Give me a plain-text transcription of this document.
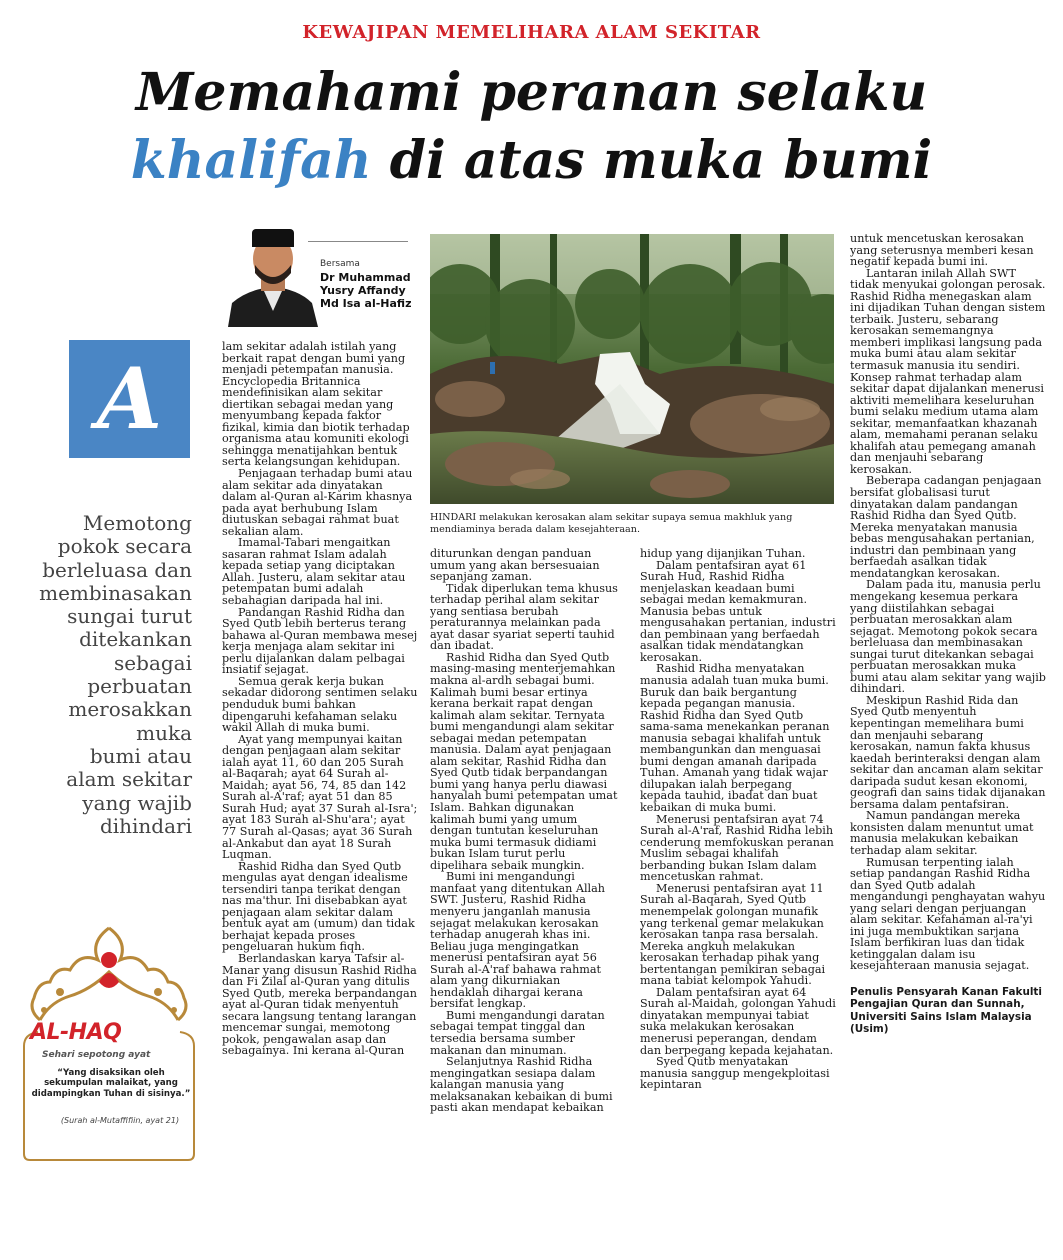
KEWAJIPAN MEMELIHARA ALAM SEKITAR
Memahami peranan selaku
khalifah di atas muka bumi
Bersama
Dr Muhammad
Yusry Affandy
Md Isa al-Hafiz
A
Memotong
pokok secara
berleluasa dan
membinasakan
sungai turut
ditekankan
sebagai
perbuatan
merosakkan
muka
bumi atau
alam sekitar
yang wajib
dihindari
AL-HAQ
Sehari sepotong ayat
“Yang disaksikan oleh sekumpulan malaikat, yang didampingkan Tuhan di sisinya.”
(Surah al-Mutaffifiin, ayat 21)
HINDARI melakukan kerosakan alam sekitar supaya semua makhluk yang mendiaminya berada dalam kesejahteraan.

lam sekitar adalah istilah yang berkait rapat dengan bumi yang menjadi petempatan manusia. Encyclopedia Britannica mendefinisikan alam sekitar diertikan sebagai medan yang menyumbang kepada faktor fizikal, kimia dan biotik terhadap organisma atau komuniti ekologi sehingga menatijahkan bentuk serta kelangsungan kehidupan.

Penjagaan terhadap bumi atau alam sekitar ada dinyatakan dalam al-Quran al-Karim khasnya pada ayat berhubung Islam diutuskan sebagai rahmat buat sekalian alam.

Imamal-Tabari mengaitkan sasaran rahmat Islam adalah kepada setiap yang diciptakan Allah. Justeru, alam sekitar atau petempatan bumi adalah sebahagian daripada hal ini.

Pandangan Rashid Ridha dan Syed Qutb lebih berterus terang bahawa al-Quran membawa mesej kerja menjaga alam sekitar ini perlu dijalankan dalam pelbagai insiatif sejagat.

Semua gerak kerja bukan sekadar didorong sentimen selaku penduduk bumi bahkan dipengaruhi kefahaman selaku wakil Allah di muka bumi.

Ayat yang mempunyai kaitan dengan penjagaan alam sekitar ialah ayat 11, 60 dan 205 Surah al-Baqarah; ayat 64 Surah al-Maidah; ayat 56, 74, 85 dan 142 Surah al-A'raf; ayat 51 dan 85 Surah Hud; ayat 37 Surah al-Isra'; ayat 183 Surah al-Shu'ara'; ayat 77 Surah al-Qasas; ayat 36 Surah al-Ankabut dan ayat 18 Surah Luqman.

Rashid Ridha dan Syed Qutb mengulas ayat dengan idealisme tersendiri tanpa terikat dengan nas ma'thur. Ini disebabkan ayat penjagaan alam sekitar dalam bentuk ayat am (umum) dan tidak berhajat kepada proses pengeluaran hukum fiqh.

Berlandaskan karya Tafsir al-Manar yang disusun Rashid Ridha dan Fi Zilal al-Quran yang ditulis Syed Qutb, mereka berpandangan ayat al-Quran tidak menyentuh secara langsung tentang larangan mencemar sungai, memotong pokok, pengawalan asap dan sebagainya. Ini kerana al-Quran

diturunkan dengan panduan umum yang akan bersesuaian sepanjang zaman.

Tidak diperlukan tema khusus terhadap perihal alam sekitar yang sentiasa berubah peraturannya melainkan pada ayat dasar syariat seperti tauhid dan ibadat.

Rashid Ridha dan Syed Qutb masing-masing menterjemahkan makna al-ardh sebagai bumi. Kalimah bumi besar ertinya kerana berkait rapat dengan kalimah alam sekitar. Ternyata bumi mengandungi alam sekitar sebagai medan petempatan manusia. Dalam ayat penjagaan alam sekitar, Rashid Ridha dan Syed Qutb tidak berpandangan bumi yang hanya perlu diawasi hanyalah bumi petempatan umat Islam. Bahkan digunakan kalimah bumi yang umum dengan tuntutan keseluruhan muka bumi termasuk didiami bukan Islam turut perlu dipelihara sebaik mungkin.

Bumi ini mengandungi manfaat yang ditentukan Allah SWT. Justeru, Rashid Ridha menyeru janganlah manusia sejagat melakukan kerosakan terhadap anugerah khas ini. Beliau juga mengingatkan menerusi pentafsiran ayat 56 Surah al-A'raf bahawa rahmat alam yang dikurniakan hendaklah dihargai kerana bersifat lengkap.

Bumi mengandungi daratan sebagai tempat tinggal dan tersedia bersama sumber makanan dan minuman.

Selanjutnya Rashid Ridha mengingatkan sesiapa dalam kalangan manusia yang melaksanakan kebaikan di bumi pasti akan mendapat kebaikan

hidup yang dijanjikan Tuhan.

Dalam pentafsiran ayat 61 Surah Hud, Rashid Ridha menjelaskan keadaan bumi sebagai medan kemakmuran. Manusia bebas untuk mengusahakan pertanian, industri dan pembinaan yang berfaedah asalkan tidak mendatangkan kerosakan.

Rashid Ridha menyatakan manusia adalah tuan muka bumi. Buruk dan baik bergantung kepada pegangan manusia. Rashid Ridha dan Syed Qutb sama-sama menekankan peranan manusia sebagai khalifah untuk membangunkan dan menguasai bumi dengan amanah daripada Tuhan. Amanah yang tidak wajar dilupakan ialah berpegang kepada tauhid, ibadat dan buat kebaikan di muka bumi.

Menerusi pentafsiran ayat 74 Surah al-A'raf, Rashid Ridha lebih cenderung memfokuskan peranan Muslim sebagai khalifah berbanding bukan Islam dalam mencetuskan rahmat.

Menerusi pentafsiran ayat 11 Surah al-Baqarah, Syed Qutb menempelak golongan munafik yang terkenal gemar melakukan kerosakan tanpa rasa bersalah. Mereka angkuh melakukan kerosakan terhadap pihak yang bertentangan pemikiran sebagai mana tabiat kelompok Yahudi.

Dalam pentafsiran ayat 64 Surah al-Maidah, golongan Yahudi dinyatakan mempunyai tabiat suka melakukan kerosakan menerusi peperangan, dendam dan berpegang kepada kejahatan.

Syed Qutb menyatakan manusia sanggup mengekploitasi kepintaran

untuk mencetuskan kerosakan yang seterusnya memberi kesan negatif kepada bumi ini.

Lantaran inilah Allah SWT tidak menyukai golongan perosak. Rashid Ridha menegaskan alam ini dijadikan Tuhan dengan sistem terbaik. Justeru, sebarang kerosakan sememangnya memberi implikasi langsung pada muka bumi atau alam sekitar termasuk manusia itu sendiri. Konsep rahmat terhadap alam sekitar dapat dijalankan menerusi aktiviti memelihara keseluruhan bumi selaku medium utama alam sekitar, memanfaatkan khazanah alam, memahami peranan selaku khalifah atau pemegang amanah dan menjauhi sebarang kerosakan.

Beberapa cadangan penjagaan bersifat globalisasi turut dinyatakan dalam pandangan Rashid Ridha dan Syed Qutb. Mereka menyatakan manusia bebas mengusahakan pertanian, industri dan pembinaan yang berfaedah asalkan tidak mendatangkan kerosakan.

Dalam pada itu, manusia perlu mengekang kesemua perkara yang diistilahkan sebagai perbuatan merosakkan alam sejagat. Memotong pokok secara berleluasa dan membinasakan sungai turut ditekankan sebagai perbuatan merosakkan muka bumi atau alam sekitar yang wajib dihindari.

Meskipun Rashid Rida dan Syed Qutb menyentuh kepentingan memelihara bumi dan menjauhi sebarang kerosakan, namun fakta khusus kaedah berinteraksi dengan alam sekitar dan ancaman alam sekitar daripada sudut kesan ekonomi, geografi dan sains tidak dijanakan bersama dalam pentafsiran.

Namun pandangan mereka konsisten dalam menuntut umat manusia melakukan kebaikan terhadap alam sekitar.

Rumusan terpenting ialah setiap pandangan Rashid Ridha dan Syed Qutb adalah mengandungi penghayatan wahyu yang selari dengan perjuangan alam sekitar. Kefahaman al-ra'yi ini juga membuktikan sarjana Islam berfikiran luas dan tidak ketinggalan dalam isu kesejahteraan manusia sejagat.

Penulis Pensyarah Kanan Fakulti Pengajian Quran dan Sunnah, Universiti Sains Islam Malaysia (Usim)
